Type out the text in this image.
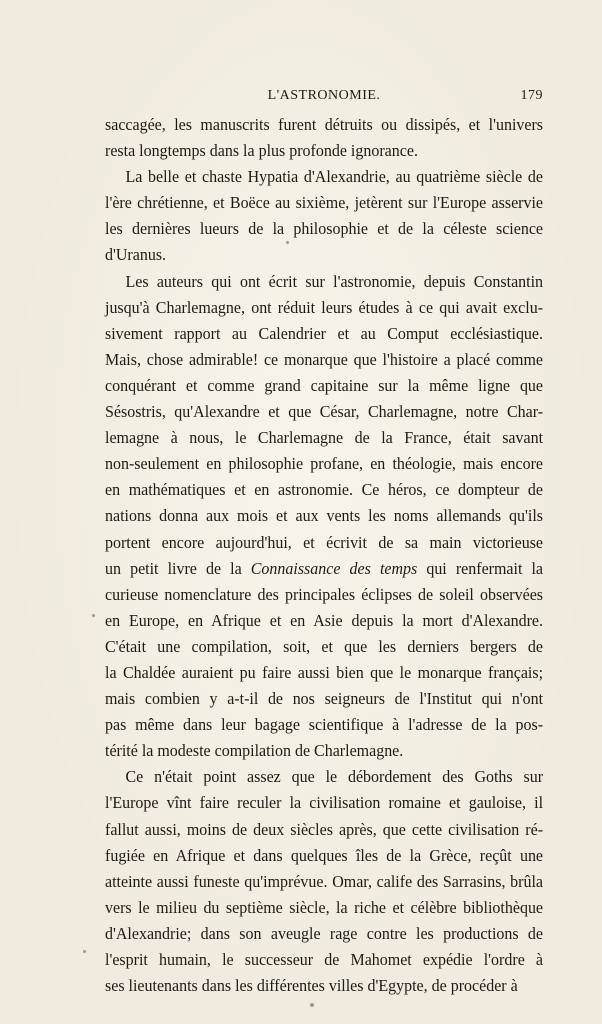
L'ASTRONOMIE.	179
saccagée, les manuscrits furent détruits ou dissipés, et l'univers
resta longtemps dans la plus profonde ignorance.
La belle et chaste Hypatia d'Alexandrie, au quatrième siècle de
l'ère chrétienne, et Boëce au sixième, jetèrent sur l'Europe asservie
les dernières lueurs de la philosophie et de la céleste science
d'Uranus.
Les auteurs qui ont écrit sur l'astronomie, depuis Constantin
jusqu'à Charlemagne, ont réduit leurs études à ce qui avait exclu-
sivement rapport au Calendrier et au Comput ecclésiastique.
Mais, chose admirable! ce monarque que l'histoire a placé comme
conquérant et comme grand capitaine sur la même ligne que
Sésostris, qu'Alexandre et que César, Charlemagne, notre Char-
lemagne à nous, le Charlemagne de la France, était savant
non-seulement en philosophie profane, en théologie, mais encore
en mathématiques et en astronomie. Ce héros, ce dompteur de
nations donna aux mois et aux vents les noms allemands qu'ils
portent encore aujourd'hui, et écrivit de sa main victorieuse
un petit livre de la Connaissance des temps qui renfermait la
curieuse nomenclature des principales éclipses de soleil observées
en Europe, en Afrique et en Asie depuis la mort d'Alexandre.
C'était une compilation, soit, et que les derniers bergers de
la Chaldée auraient pu faire aussi bien que le monarque français;
mais combien y a-t-il de nos seigneurs de l'Institut qui n'ont
pas même dans leur bagage scientifique à l'adresse de la pos-
térité la modeste compilation de Charlemagne.
Ce n'était point assez que le débordement des Goths sur
l'Europe vînt faire reculer la civilisation romaine et gauloise, il
fallut aussi, moins de deux siècles après, que cette civilisation ré-
fugiée en Afrique et dans quelques îles de la Grèce, reçût une
atteinte aussi funeste qu'imprévue. Omar, calife des Sarrasins, brûla
vers le milieu du septième siècle, la riche et célèbre bibliothèque
d'Alexandrie; dans son aveugle rage contre les productions de
l'esprit humain, le successeur de Mahomet expédie l'ordre à
ses lieutenants dans les différentes villes d'Egypte, de procéder à
